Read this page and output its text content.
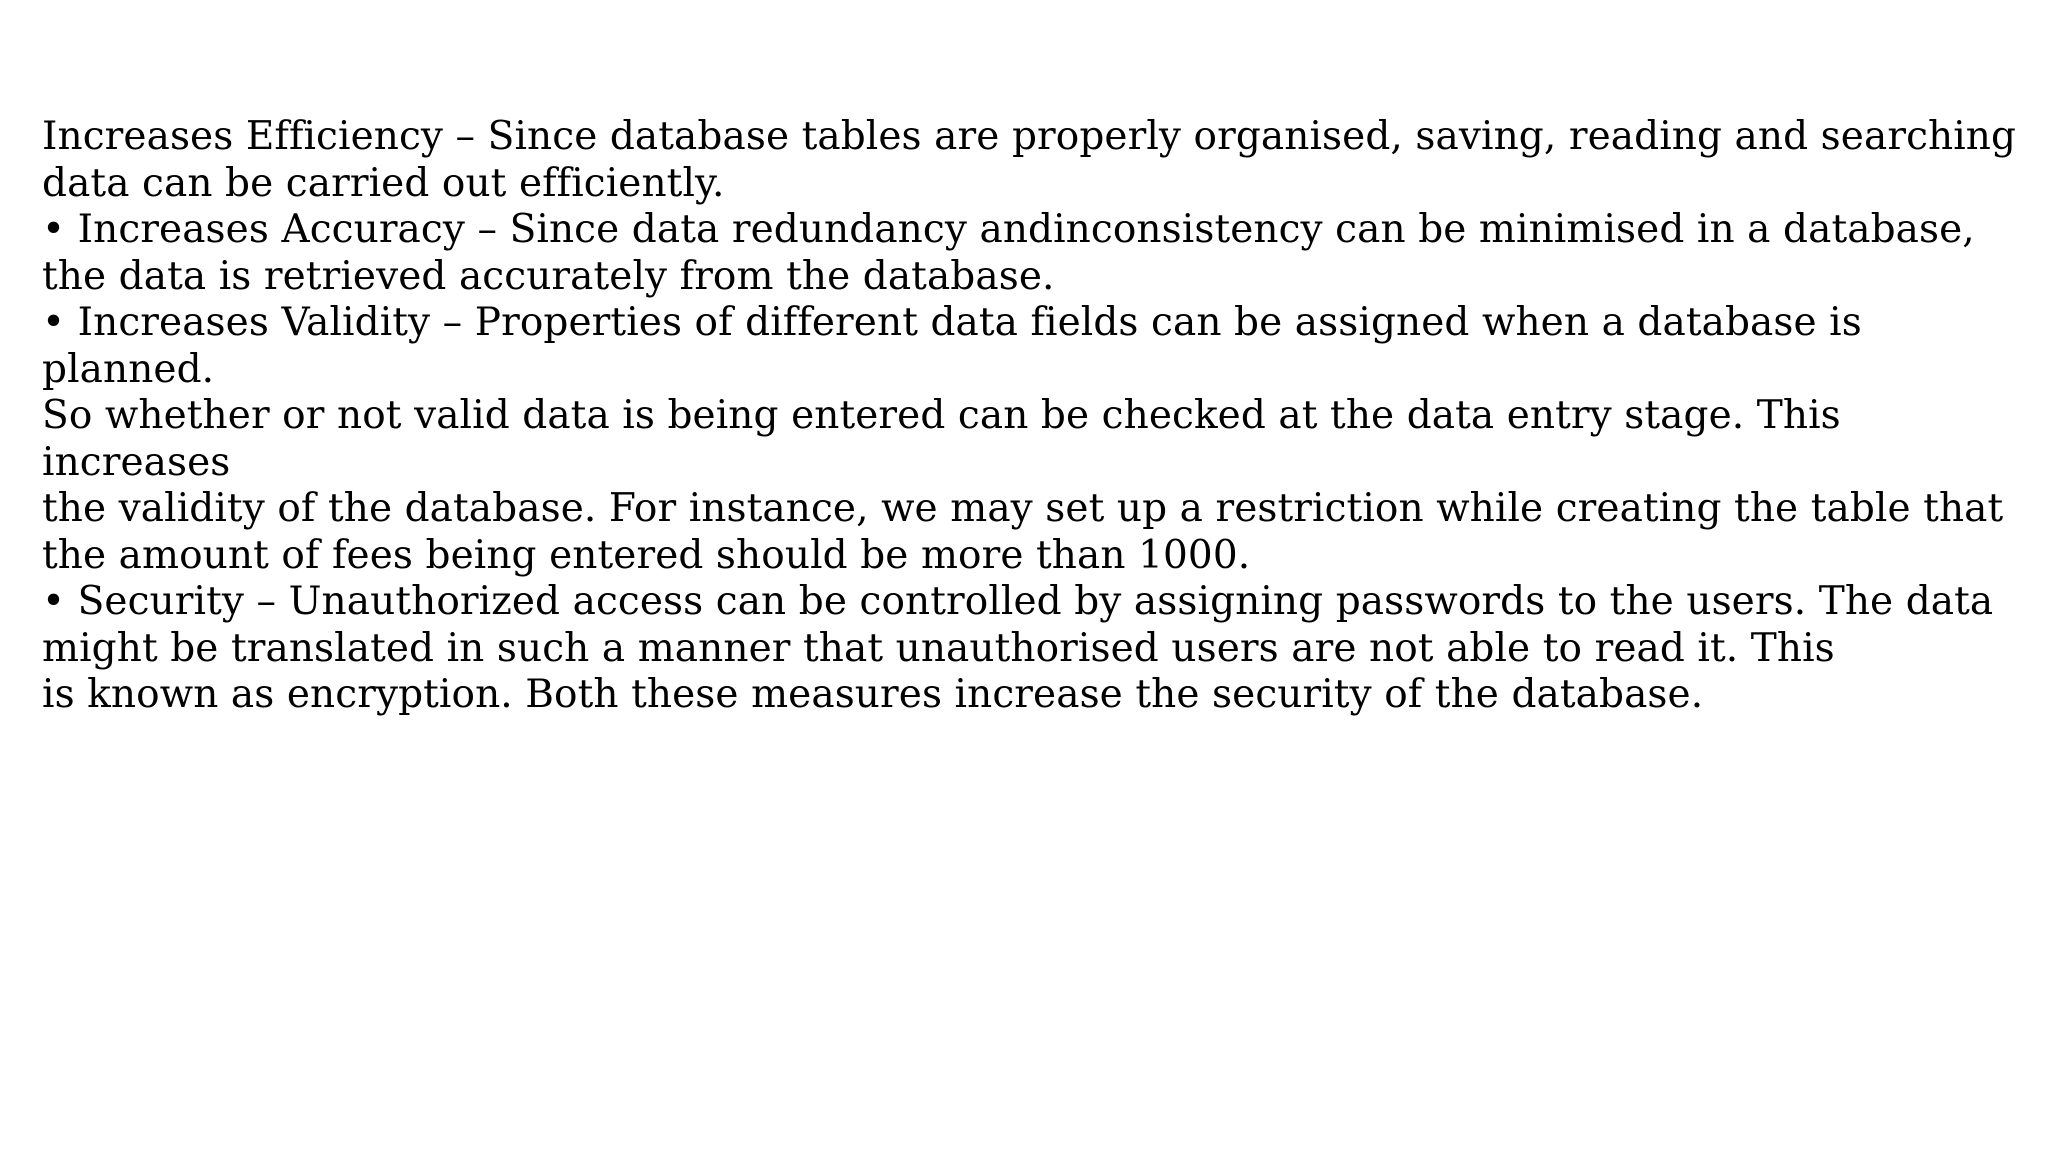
Increases Efficiency – Since database tables are properly organised, saving, reading and searching
data can be carried out efficiently.
• Increases Accuracy – Since data redundancy andinconsistency can be minimised in a database,
the data is retrieved accurately from the database.
• Increases Validity – Properties of different data fields can be assigned when a database is
planned.
So whether or not valid data is being entered can be checked at the data entry stage. This
increases
the validity of the database. For instance, we may set up a restriction while creating the table that
the amount of fees being entered should be more than 1000.
• Security – Unauthorized access can be controlled by assigning passwords to the users. The data
might be translated in such a manner that unauthorised users are not able to read it. This
is known as encryption. Both these measures increase the security of the database.
